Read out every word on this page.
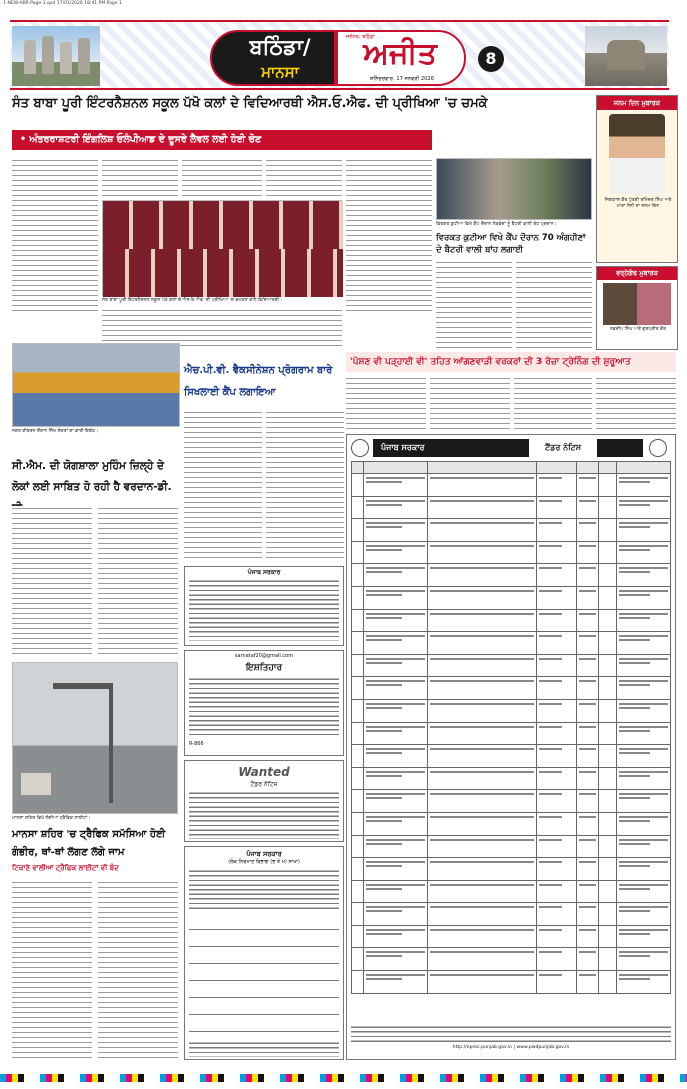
1-NEW-ABR-Page-1.qxd 17/01/2026 18:41 PM Page 1
ਬਠਿੰਡਾ/
ਮਾਨਸਾ
ਜਲੰਧਰ, ਬਠਿੰਡਾ
ਅਜੀਤ
ਸ਼ਨਿੱਚਰਵਾਰ, 17 ਜਨਵਰੀ 2026
8
ਸੰਤ ਬਾਬਾ ਪੂਰੀ ਇੰਟਰਨੈਸ਼ਨਲ ਸਕੂਲ ਪੱਖੋ ਕਲਾਂ ਦੇ ਵਿਦਿਆਰਥੀ ਐਸ.ਓ.ਐਫ. ਦੀ ਪ੍ਰੀਖਿਆ 'ਚ ਚਮਕੇ
• ਅੰਤਰਰਾਸ਼ਟਰੀ ਇੰਗਲਿਸ਼ ਓਲੰਪੀਆਡ ਦੇ ਦੂਸਰੇ ਲੈਵਲ ਲਈ ਹੋਈ ਚੋਣ
ਸੰਤ ਬਾਬਾ ਪੂਰੀ ਇੰਟਰਨੈਸ਼ਨਲ ਸਕੂਲ ਪੱਖੋ ਕਲਾਂ ਦੇ ਐਸ.ਓ.ਐਫ. ਦੀ ਪ੍ਰੀਖਿਆ 'ਚ ਚਮਕਣ ਵਾਲੇ ਵਿਦਿਆਰਥੀ।
ਜਨਮ ਦਿਨ ਮੁਬਾਰਕ
ਜਿਗਯਾਸ਼ ਕੌਰ ਪੁੱਤਰੀ ਰਮਿੰਦਰ ਸਿੰਘ ਅਤੇ ਮਾਤਾ ਸੋਨੀ ਦਾ ਜਨਮ ਦਿਨ
ਵਰ੍ਹੇਗੰਢ ਮੁਬਾਰਕ
ਨਵਦੀਪ ਸਿੰਘ ਅਤੇ ਗੁਰਪ੍ਰੀਤ ਕੌਰ
ਵਿਰਕਤ ਕੁਟੀਆ ਵਿਖੇ ਕੈਂਪ ਦੌਰਾਨ ਲੋੜਵੰਦਾਂ ਨੂੰ ਬੈਟਰੀ ਵਾਲੀ ਬੰਧ ਪ੍ਰਦਾਨ।
ਵਿਰਕਤ ਕੁਟੀਆ ਵਿਖੇ ਕੈਂਪ ਦੌਰਾਨ 70 ਅੰਗਹੀਣਾਂ ਦੇ ਬੈਟਰੀ ਵਾਲੀ ਬਾਂਹ ਲਗਾਈ
ਨਗਰ ਕੀਰਤਨ ਦੌਰਾਨ ਸਿੱਖ ਸੰਗਤਾਂ ਦਾ ਭਾਰੀ ਇਕੱਠ।
ਸੀ.ਐਮ. ਦੀ ਯੋਗਸ਼ਾਲਾ ਮੁਹਿੰਮ ਜ਼ਿਲ੍ਹੇ ਦੇ ਲੋਕਾਂ ਲਈ ਸਾਬਿਤ ਹੋ ਰਹੀ ਹੈ ਵਰਦਾਨ-ਡੀ.
ਮਾਨਸਾ ਸ਼ਹਿਰ ਵਿਖੇ ਲੱਗੀਆਂ ਟ੍ਰੈਫਿਕ ਲਾਈਟਾਂ।
ਮਾਨਸਾ ਸ਼ਹਿਰ 'ਚ ਟ੍ਰੈਫਿਕ ਸਮੱਸਿਆ ਹੋਈ ਗੰਭੀਰ, ਥਾਂ-ਥਾਂ ਲੱਗਣ ਲੱਗੇ ਜਾਮ
ਟਿਕਾਣੇ ਵਾਲੀਆਂ ਟ੍ਰੈਫਿਕ ਲਾਈਟਾਂ ਵੀ ਬੰਦ
ਐਚ.ਪੀ.ਵੀ. ਵੈਕਸੀਨੇਸ਼ਨ ਪ੍ਰੋਗਰਾਮ ਬਾਰੇ ਸਿਖਲਾਈ ਕੈਂਪ ਲਗਾਇਆ
ਪੰਜਾਬ ਸਰਕਾਰ
sarnataf20@gmail.com
ਇਸ਼ਤਿਹਾਰ
R-866
Wanted
ਟੈਂਡਰ ਨੋਟਿਸ
ਪੰਜਾਬ ਸਰਕਾਰ
(ਲੋਕ ਨਿਰਮਾਣ ਵਿਭਾਗ (ਭ ਤੇ ਮ) ਸ਼ਾਖਾ)
'ਪੋਸ਼ਣ ਵੀ ਪੜ੍ਹਾਈ ਵੀ' ਤਹਿਤ ਆਂਗਣਵਾੜੀ ਵਰਕਰਾਂ ਦੀ 3 ਰੋਜ਼ਾ ਟ੍ਰੇਨਿੰਗ ਦੀ ਸ਼ੁਰੂਆਤ
ਪੰਜਾਬ ਸਰਕਾਰ	ਟੈਂਡਰ ਨੋਟਿਸ

http://eproc.punjab.gov.in | www.pwdpunjab.gov.in
